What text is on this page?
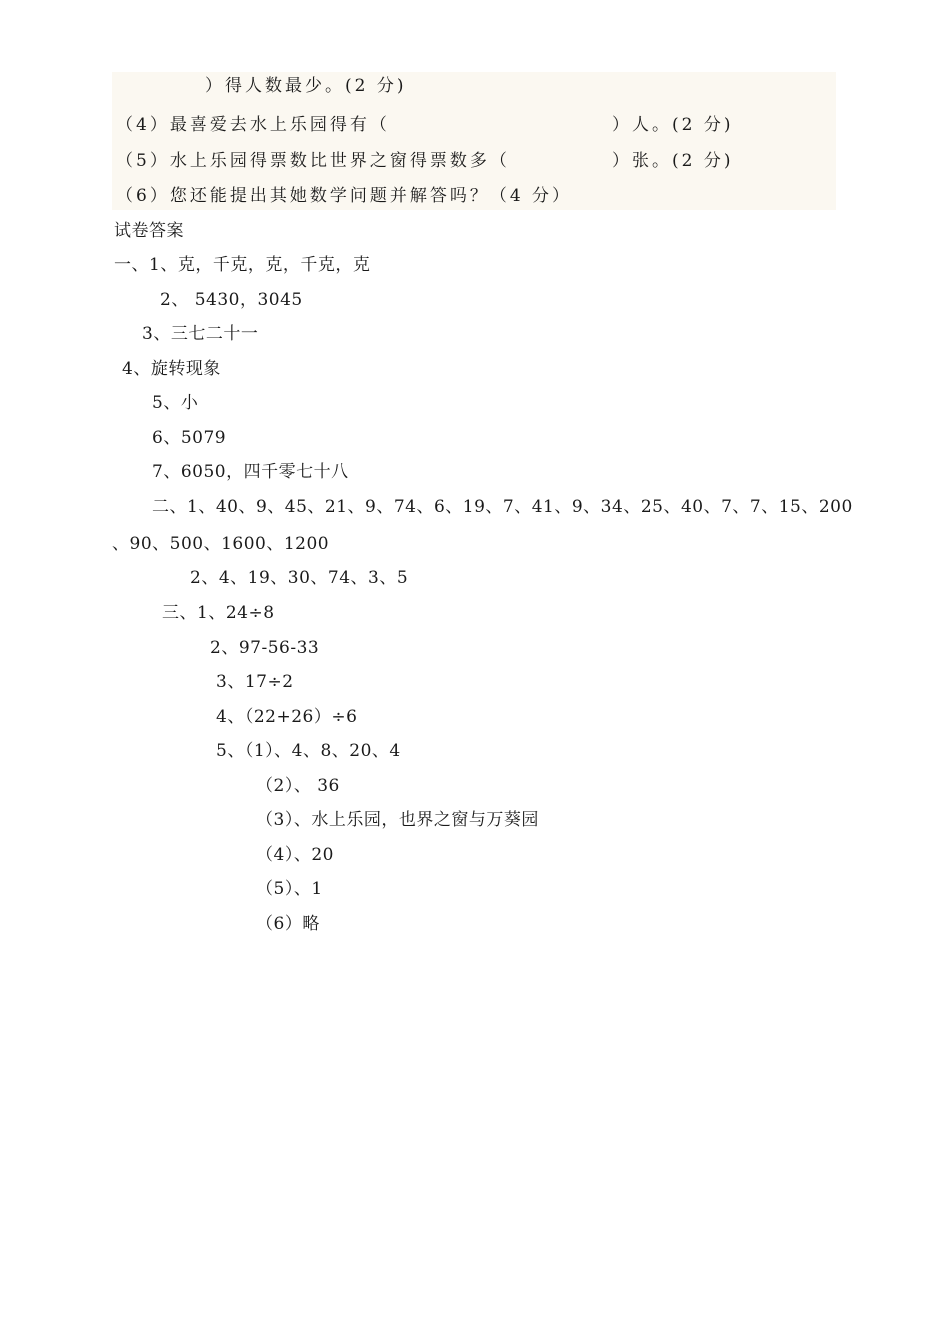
）得人数最少。(2 分)
（4）最喜爱去水上乐园得有（	）人。(2 分)
（5）水上乐园得票数比世界之窗得票数多（	）张。(2 分)
（6）您还能提出其她数学问题并解答吗？（4 分）
试卷答案
一、1、克，千克，克，千克，克
2、 5430，3045
3、三七二十一
4、旋转现象
5、小
6、5079
7、6050，四千零七十八
二、1、40、9、45、21、9、74、6、19、7、41、9、34、25、40、7、7、15、200
、90、500、1600、1200
2、4、19、30、74、3、5
三、1、24÷8
2、97-56-33
3、17÷2
4、（22+26）÷6
5、（1）、4、8、20、4
（2）、 36
（3）、水上乐园，也界之窗与万葵园
（4）、20
（5）、1
（6）略
